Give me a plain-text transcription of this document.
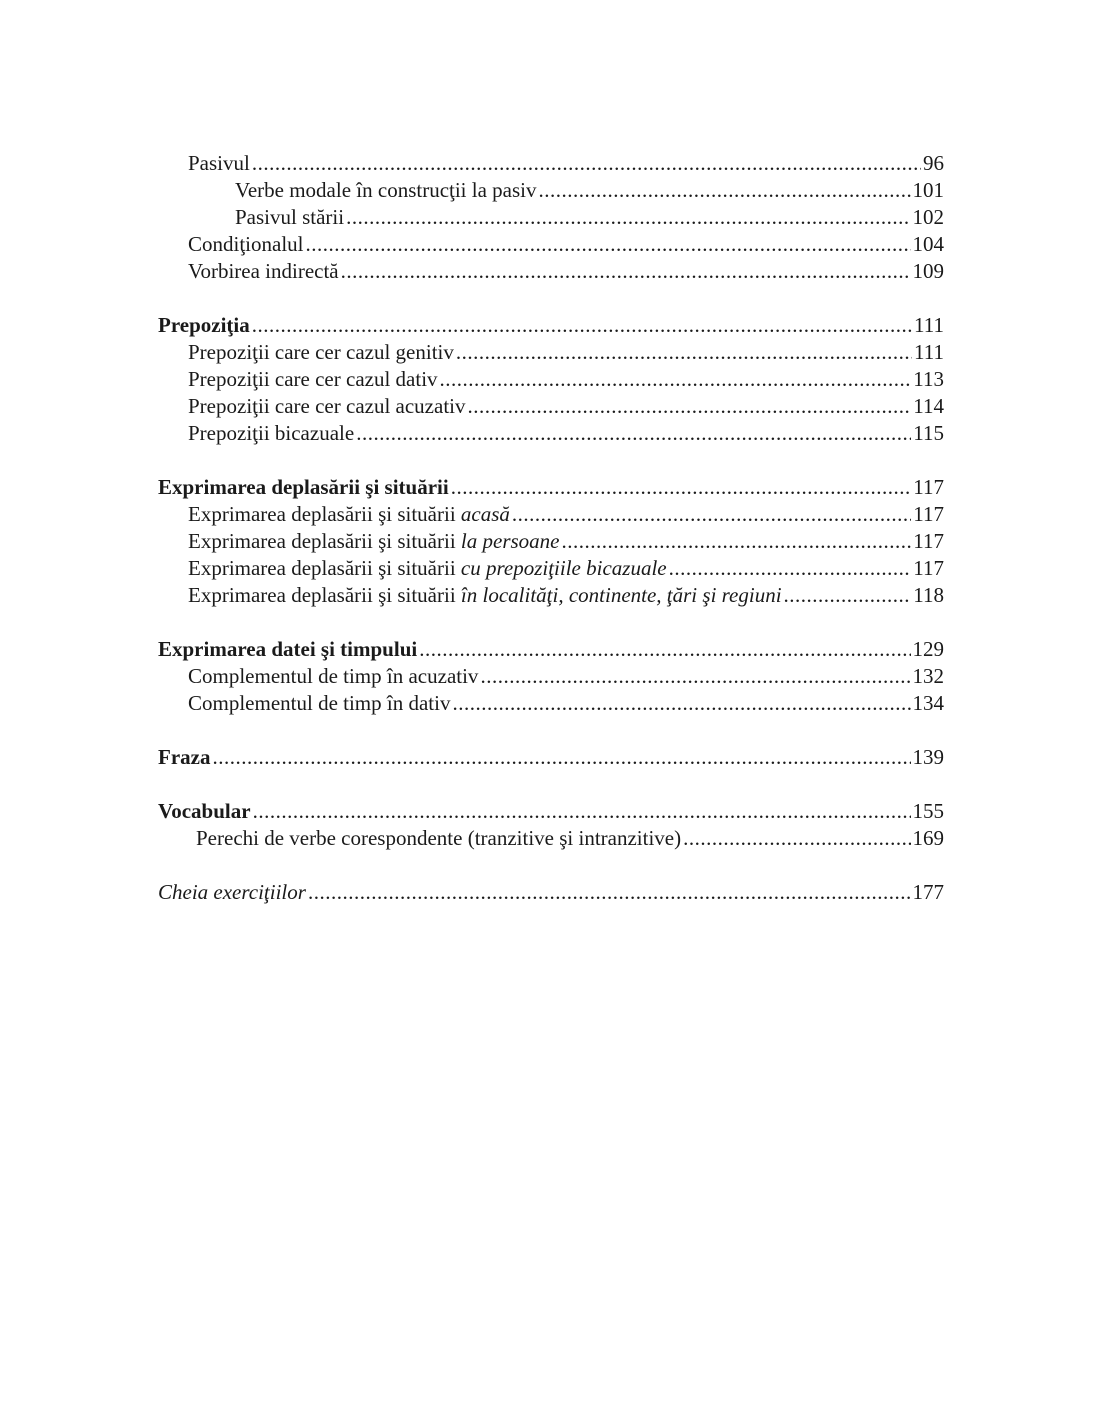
Pasivul .....	96
Verbe modale în construcţii la pasiv .....	101
Pasivul stării .....	102
Condiţionalul .....	104
Vorbirea indirectă .....	109
Prepoziţia .....	111
Prepoziţii care cer cazul genitiv .....	111
Prepoziţii care cer cazul dativ .....	113
Prepoziţii care cer cazul acuzativ .....	114
Prepoziţii bicazuale .....	115
Exprimarea deplasării şi situării .....	117
Exprimarea deplasării şi situării acasă .....	117
Exprimarea deplasării şi situării la persoane .....	117
Exprimarea deplasării şi situării cu prepoziţiile bicazuale .....	117
Exprimarea deplasării şi situării în localităţi, continente, ţări şi regiuni .....	118
Exprimarea datei şi timpului .....	129
Complementul de timp în acuzativ .....	132
Complementul de timp în dativ .....	134
Fraza .....	139
Vocabular .....	155
Perechi de verbe corespondente (tranzitive şi intranzitive) .....	169
Cheia exerciţiilor .....	177
